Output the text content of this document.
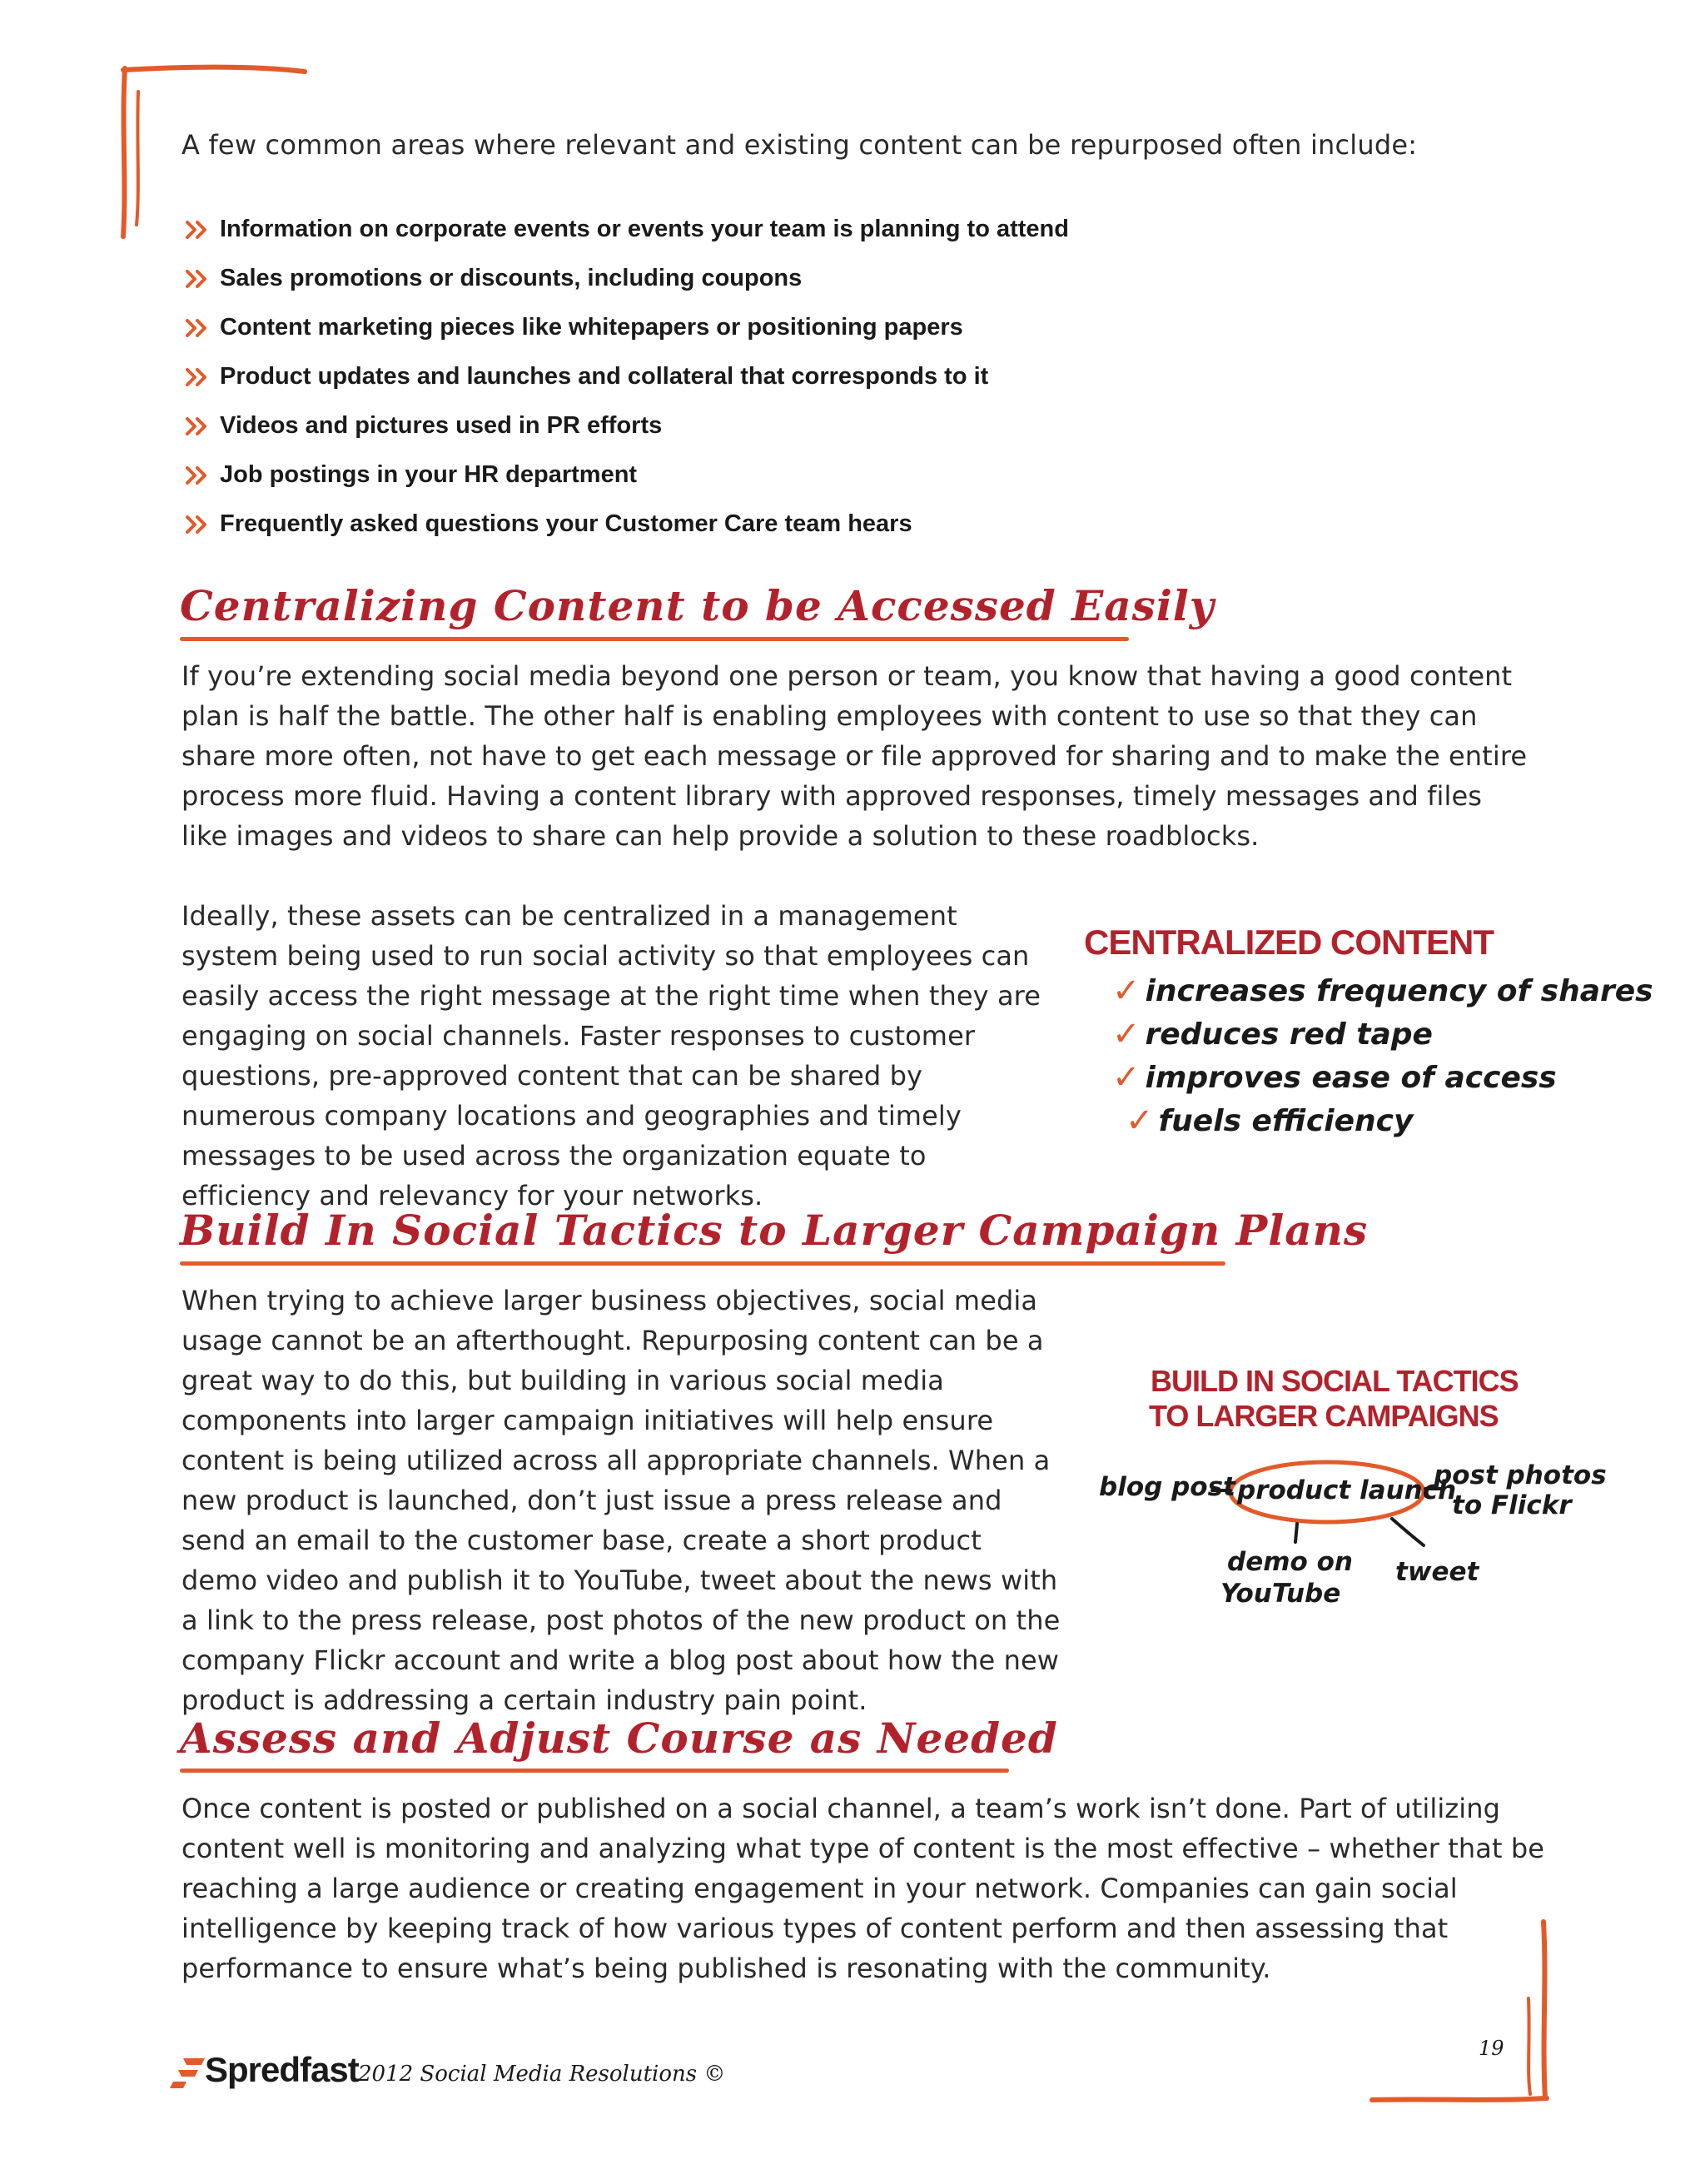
A few common areas where relevant and existing content can be repurposed often include:
Information on corporate events or events your team is planning to attend
Sales promotions or discounts, including coupons
Content marketing pieces like whitepapers or positioning papers
Product updates and launches and collateral that corresponds to it
Videos and pictures used in PR efforts
Job postings in your HR department
Frequently asked questions your Customer Care team hears
Centralizing Content to be Accessed Easily

If you’re extending social media beyond one person or team, you know that having a good content plan is half the battle. The other half is enabling employees with content to use so that they can share more often, not have to get each message or file approved for sharing and to make the entire process more fluid. Having a content library with approved responses, timely messages and files like images and videos to share can help provide a solution to these roadblocks.

Ideally, these assets can be centralized in a management system being used to run social activity so that employees can easily access the right message at the right time when they are engaging on social channels. Faster responses to customer questions, pre-approved content that can be shared by numerous company locations and geographies and timely messages to be used across the organization equate to efficiency and relevancy for your networks.

CENTRALIZED CONTENT
✓ increases frequency of shares
✓ reduces red tape
✓ improves ease of access
✓ fuels efficiency
Build In Social Tactics to Larger Campaign Plans

When trying to achieve larger business objectives, social media usage cannot be an afterthought. Repurposing content can be a great way to do this, but building in various social media components into larger campaign initiatives will help ensure content is being utilized across all appropriate channels. When a new product is launched, don’t just issue a press release and send an email to the customer base, create a short product demo video and publish it to YouTube, tweet about the news with a link to the press release, post photos of the new product on the company Flickr account and write a blog post about how the new product is addressing a certain industry pain point.

BUILD IN SOCIAL TACTICS
TO LARGER CAMPAIGNS
product launch
blog post	post photos
to Flickr
demo on
YouTube
tweet
Assess and Adjust Course as Needed

Once content is posted or published on a social channel, a team’s work isn’t done. Part of utilizing content well is monitoring and analyzing what type of content is the most effective – whether that be reaching a large audience or creating engagement in your network. Companies can gain social intelligence by keeping track of how various types of content perform and then assessing that performance to ensure what’s being published is resonating with the community.

Spredfast 2012 Social Media Resolutions ©
19
